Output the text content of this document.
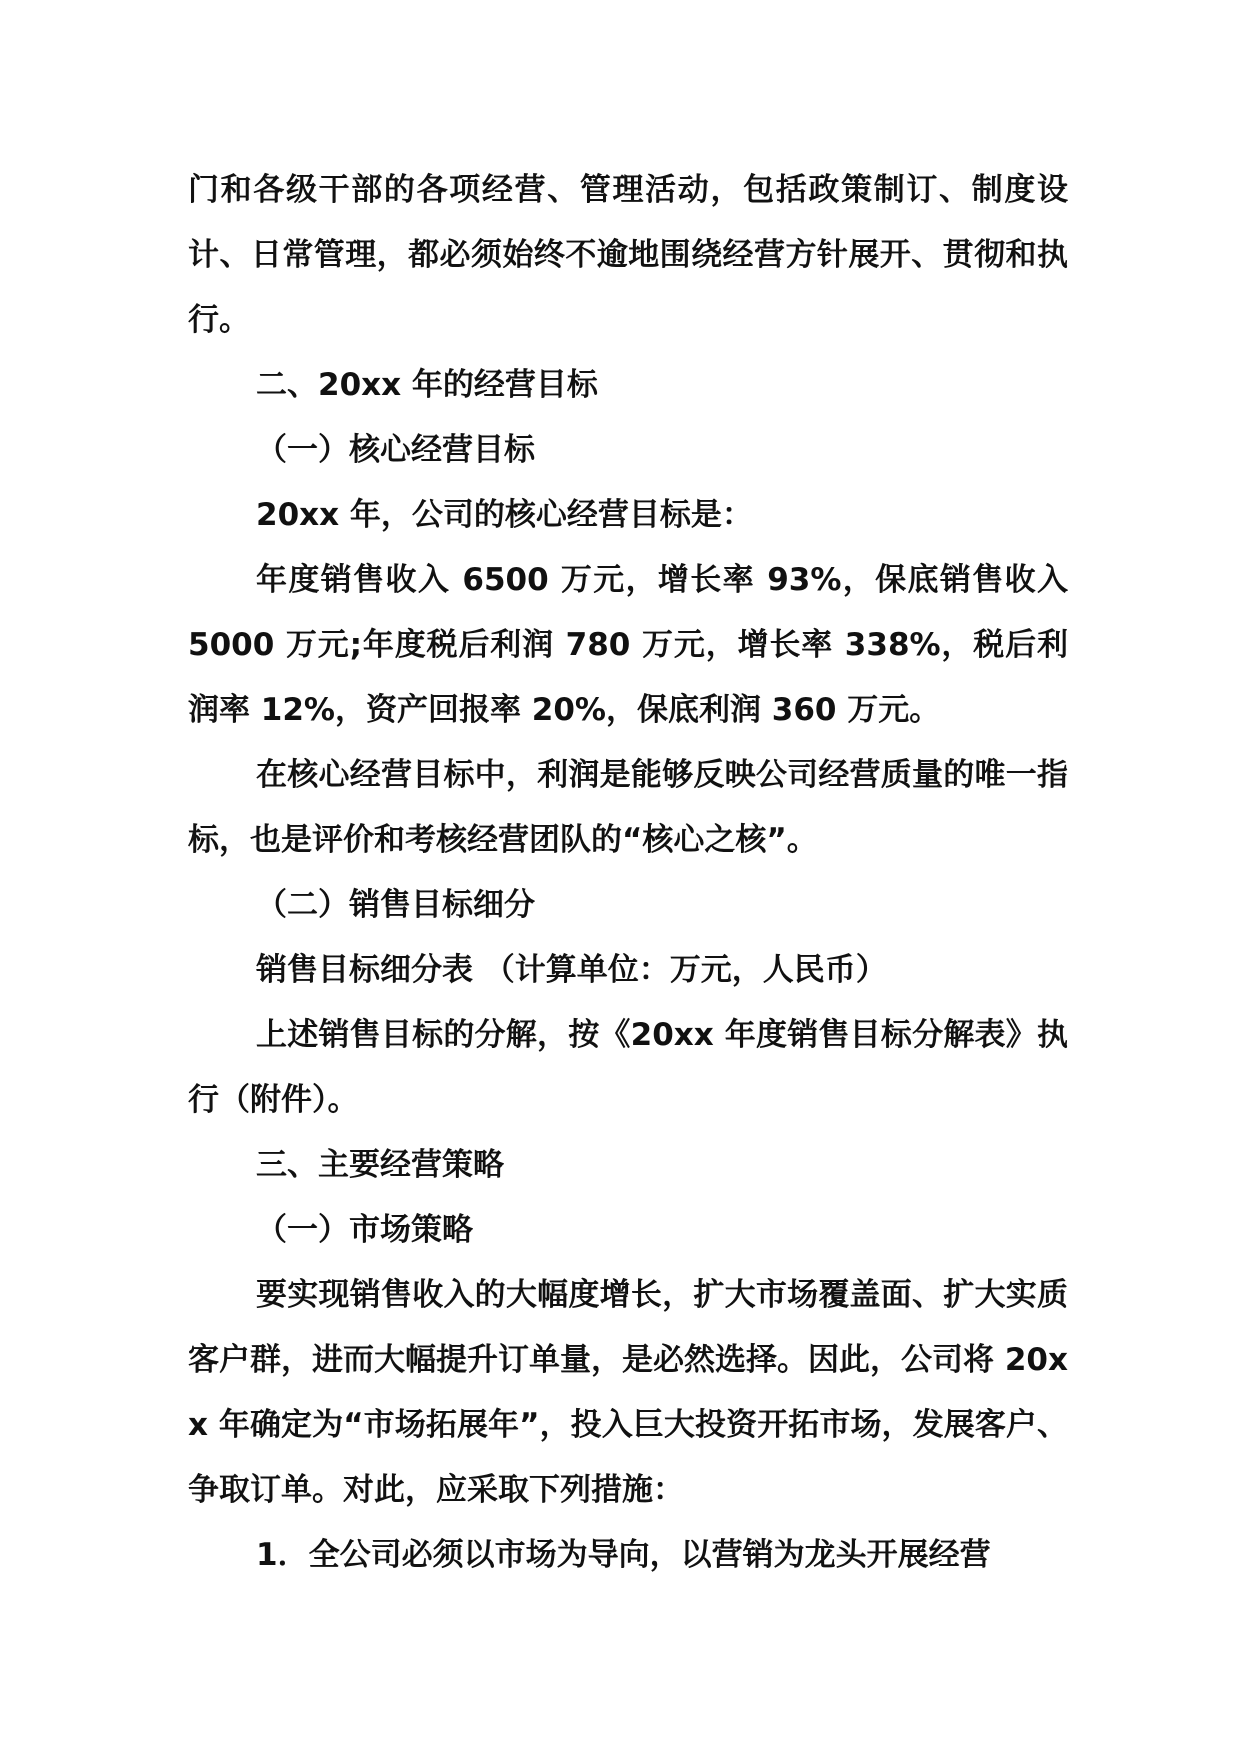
门和各级干部的各项经营、管理活动，包括政策制订、制度设计、日常管理，都必须始终不逾地围绕经营方针展开、贯彻和执行。

二、20xx 年的经营目标

（一）核心经营目标

20xx 年，公司的核心经营目标是：

年度销售收入 6500 万元，增长率 93%，保底销售收入 5000 万元;年度税后利润 780 万元，增长率 338%，税后利润率 12%，资产回报率 20%，保底利润 360 万元。

在核心经营目标中，利润是能够反映公司经营质量的唯一指标，也是评价和考核经营团队的“核心之核”。

（二）销售目标细分

销售目标细分表 （计算单位：万元，人民币）

上述销售目标的分解，按《20xx 年度销售目标分解表》执行（附件）。

三、主要经营策略

（一）市场策略

要实现销售收入的大幅度增长，扩大市场覆盖面、扩大实质客户群，进而大幅提升订单量，是必然选择。因此，公司将 20xx 年确定为“市场拓展年”，投入巨大投资开拓市场，发展客户、争取订单。对此，应采取下列措施：

1．全公司必须以市场为导向，以营销为龙头开展经营
